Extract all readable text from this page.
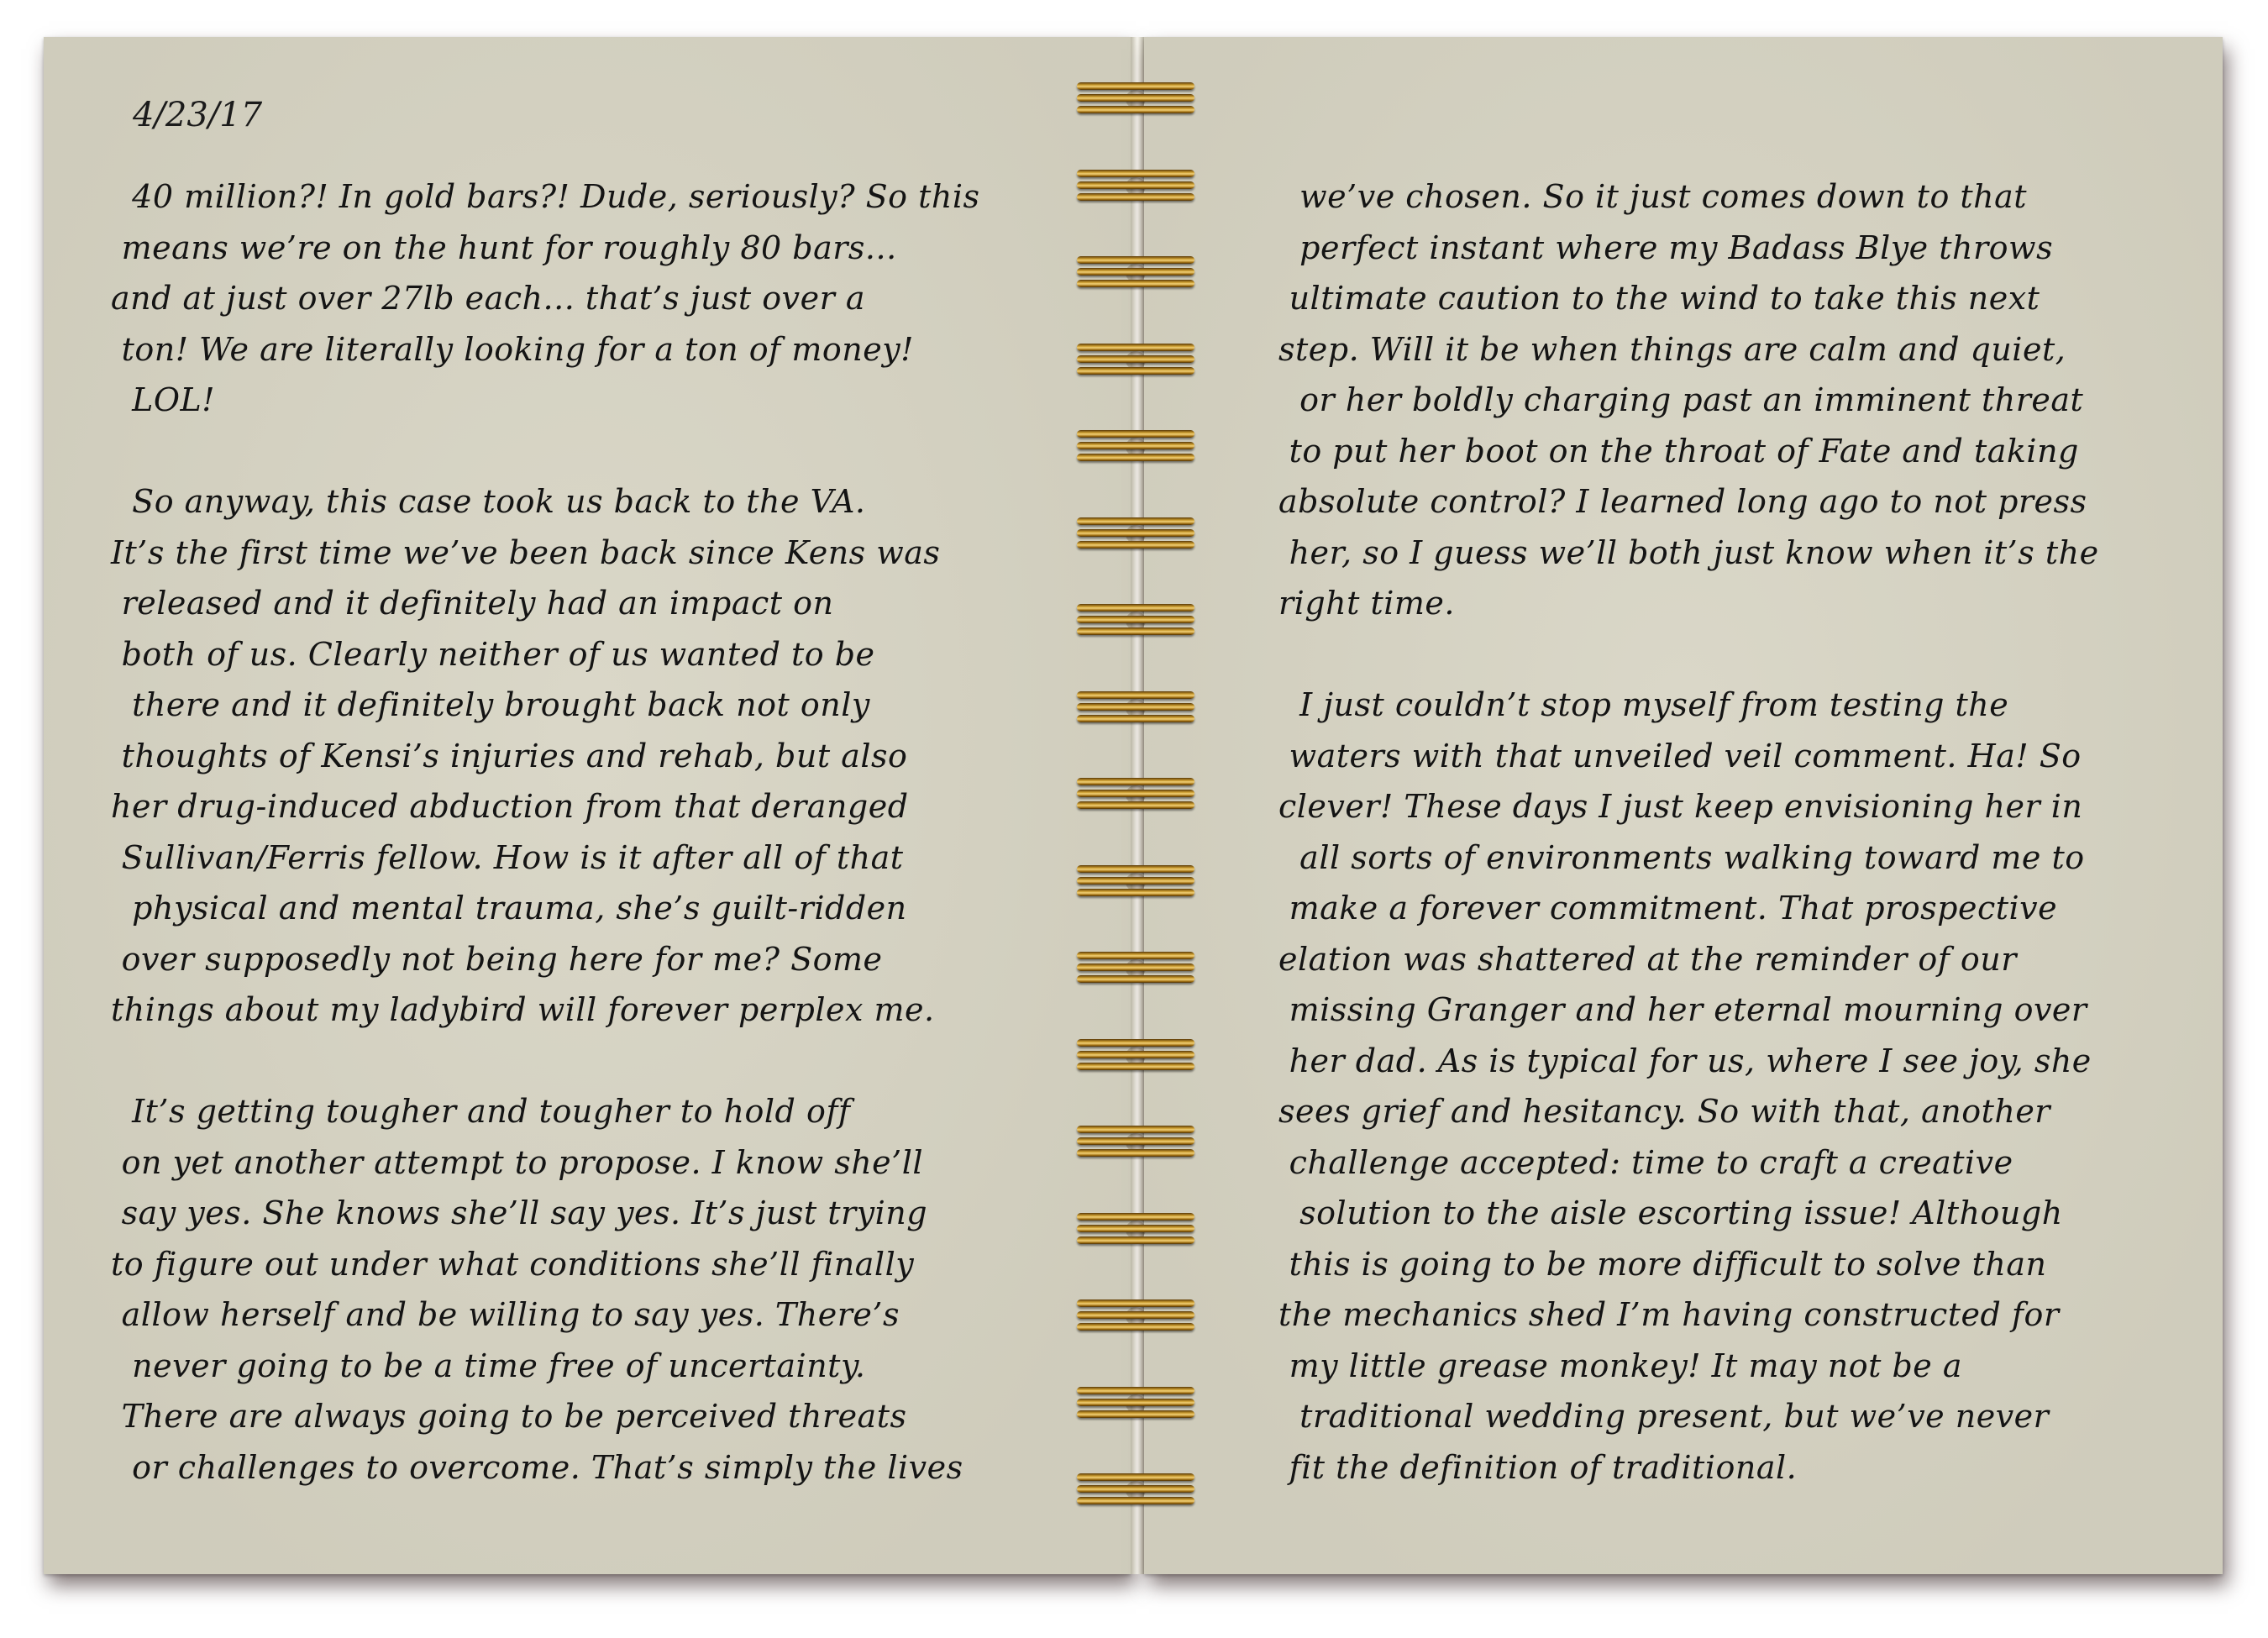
4/23/17

40 million?! In gold bars?! Dude, seriously? So this
means we’re on the hunt for roughly 80 bars...
and at just over 27lb each... that’s just over a
ton! We are literally looking for a ton of money!
LOL!

So anyway, this case took us back to the VA.
It’s the first time we’ve been back since Kens was
released and it definitely had an impact on
both of us. Clearly neither of us wanted to be
there and it definitely brought back not only
thoughts of Kensi’s injuries and rehab, but also
her drug-induced abduction from that deranged
Sullivan/Ferris fellow. How is it after all of that
physical and mental trauma, she’s guilt-ridden
over supposedly not being here for me? Some
things about my ladybird will forever perplex me.

It’s getting tougher and tougher to hold off
on yet another attempt to propose. I know she’ll
say yes. She knows she’ll say yes. It’s just trying
to figure out under what conditions she’ll finally
allow herself and be willing to say yes. There’s
never going to be a time free of uncertainty.
There are always going to be perceived threats
or challenges to overcome. That’s simply the lives

we’ve chosen. So it just comes down to that
perfect instant where my Badass Blye throws
ultimate caution to the wind to take this next
step. Will it be when things are calm and quiet,
or her boldly charging past an imminent threat
to put her boot on the throat of Fate and taking
absolute control? I learned long ago to not press
her, so I guess we’ll both just know when it’s the
right time.

I just couldn’t stop myself from testing the
waters with that unveiled veil comment. Ha! So
clever! These days I just keep envisioning her in
all sorts of environments walking toward me to
make a forever commitment. That prospective
elation was shattered at the reminder of our
missing Granger and her eternal mourning over
her dad. As is typical for us, where I see joy, she
sees grief and hesitancy. So with that, another
challenge accepted: time to craft a creative
solution to the aisle escorting issue! Although
this is going to be more difficult to solve than
the mechanics shed I’m having constructed for
my little grease monkey! It may not be a
traditional wedding present, but we’ve never
fit the definition of traditional.
